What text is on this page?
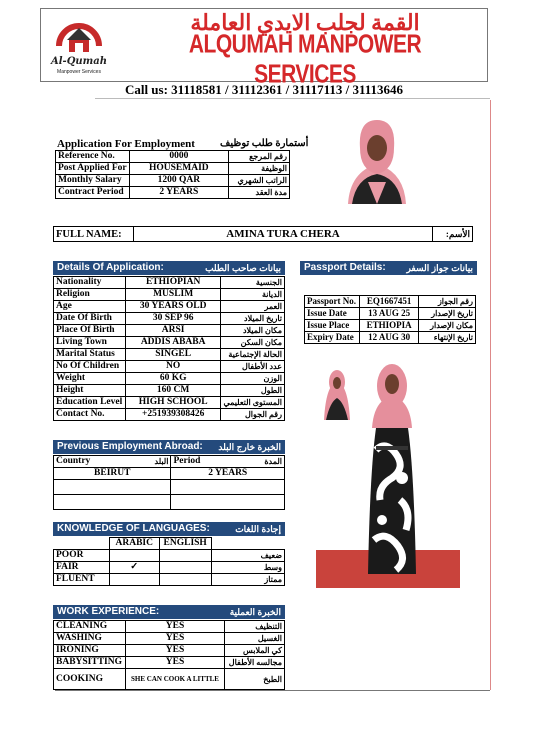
Al-Qumah
Manpower Services
القمة لجلب الايدي العاملة
ALQUMAH MANPOWER SERVICES
Call us: 31118581 / 31112361 / 31117113 / 31113646
Application For Employment	أستمارة طلب توظيف
Reference No.	0000	رقم المرجع
Post Applied For	HOUSEMAID	الوظيفة
Monthly Salary	1200 QAR	الراتب الشهري
Contract Period	2 YEARS	مدة العقد
FULL NAME:	AMINA TURA CHERA	الأسم:
Details Of Application:	بيانات صاحب الطلب
Nationality	ETHIOPIAN	الجنسية
Religion	MUSLIM	الديانة
Age	30 YEARS OLD	العمر
Date Of Birth	30 SEP 96	تاريخ الميلاد
Place Of Birth	ARSI	مكان الميلاد
Living Town	ADDIS ABABA	مكان السكن
Marital Status	SINGEL	الحالة الإجتماعية
No Of Children	NO	عدد الأطفال
Weight	60 KG	الوزن
Height	160 CM	الطول
Education Level	HIGH SCHOOL	المستوى التعليمي
Contact No.	+251939308426	رقم الجوال
Passport Details: بيانات جواز السفر
Passport No.	EQ1667451	رقم الجواز
Issue Date	13 AUG 25	تاريخ الإصدار
Issue Place	ETHIOPIA	مكان الإصدار
Expiry Date	12 AUG 30	تاريخ الإنتهاء
Previous Employment Abroad: الخبرة خارج البلد
Country البلد	Period المدة

BEIRUT	2 YEARS

KNOWLEDGE OF LANGUAGES:	إجادة اللغات
	ARABIC	ENGLISH	
POOR			ضعيف
FAIR	✓		وسط
FLUENT			ممتاز
WORK EXPERIENCE:	الخبرة العملية
CLEANING	YES	التنظيف
WASHING	YES	الغسيل
IRONING	YES	كي الملابس
BABYSITTING	YES	مجالسه الأطفال
COOKING	SHE CAN COOK A LITTLE	الطبخ
